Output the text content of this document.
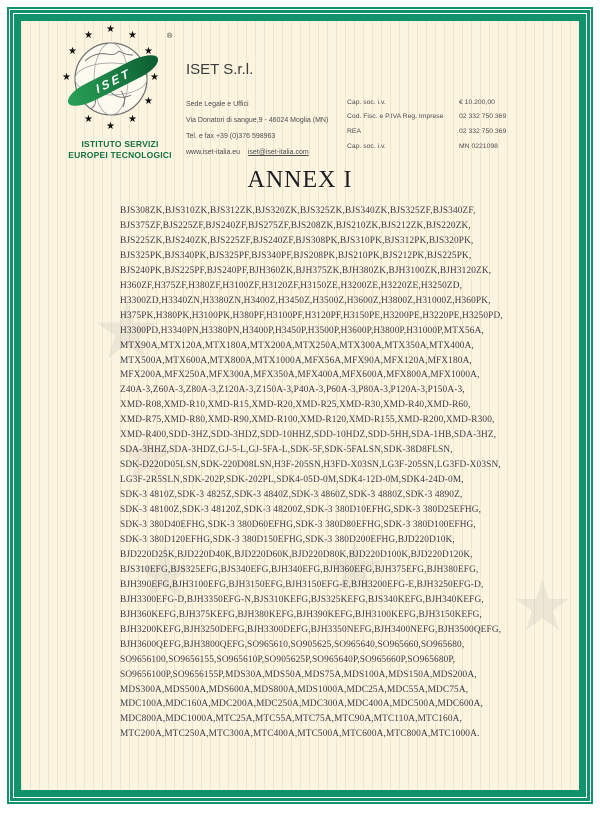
★
★
★ ★ ★
★
★
★
★
★
★
★
★
★
★
★	®
ISET
ISTITUTO SERVIZI
EUROPEI TECNOLOGICI
ISET S.r.l.
Sede Legale e Uffici
Via Donatori di sangue,9 - 46024 Moglia (MN)
Tel. e fax +39 (0)376 598963
www.iset-italia.eu iset@iset-italia.com
Cap. soc. i.v.	€ 10.200,00
Cod. Fisc. e P.IVA Reg. Imprese	02 332 750 369
REA	02 332 750 369
Cap. soc. i.v.	MN 0221098
ANNEX I
BJS308ZK,BJS310ZK,BJS312ZK,BJS320ZK,BJS325ZK,BJS340ZK,BJS325ZF,BJS340ZF,
BJS375ZF,BJS225ZF,BJS240ZF,BJS275ZF,BJS208ZK,BJS210ZK,BJS212ZK,BJS220ZK,
BJS225ZK,BJS240ZK,BJS225ZF,BJS240ZF,BJS308PK,BJS310PK,BJS312PK,BJS320PK,
BJS325PK,BJS340PK,BJS325PF,BJS340PF,BJS208PK,BJS210PK,BJS212PK,BJS225PK,
BJS240PK,BJS225PF,BJS240PF,BJH360ZK,BJH375ZK,BJH380ZK,BJH3100ZK,BJH3120ZK,
H360ZF,H375ZF,H380ZF,H3100ZF,H3120ZF,H3150ZE,H3200ZE,H3220ZE,H3250ZD,
H3300ZD,H3340ZN,H3380ZN,H3400Z,H3450Z,H3500Z,H3600Z,H3800Z,H31000Z,H360PK,
H375PK,H380PK,H3100PK,H380PF,H3100PF,H3120PF,H3150PE,H3200PE,H3220PE,H3250PD,
H3300PD,H3340PN,H3380PN,H3400P,H3450P,H3500P,H3600P,H3800P,H31000P,MTX56A,
MTX90A,MTX120A,MTX180A,MTX200A,MTX250A,MTX300A,MTX350A,MTX400A,
MTX500A,MTX600A,MTX800A,MTX1000A,MFX56A,MFX90A,MFX120A,MFX180A,
MFX200A,MFX250A,MFX300A,MFX350A,MFX400A,MFX600A,MFX800A,MFX1000A,
Z40A-3,Z60A-3,Z80A-3,Z120A-3,Z150A-3,P40A-3,P60A-3,P80A-3,P120A-3,P150A-3,
XMD-R08,XMD-R10,XMD-R15,XMD-R20,XMD-R25,XMD-R30,XMD-R40,XMD-R60,
XMD-R75,XMD-R80,XMD-R90,XMD-R100,XMD-R120,XMD-R155,XMD-R200,XMD-R300,
XMD-R400,SDD-3HZ,SDD-3HDZ,SDD-10HHZ,SDD-10HDZ,SDD-5HH,SDA-1HB,SDA-3HZ,
SDA-3HHZ,SDA-3HDZ,GJ-5-L,GJ-5FA-L,SDK-5F,SDK-5FALSN,SDK-38D8FLSN,
SDK-D220D05LSN,SDK-220D08LSN,H3F-205SN,H3FD-X03SN,LG3F-205SN,LG3FD-X03SN,
LG3F-2R5SLN,SDK-202P,SDK-202PL,SDK4-05D-0M,SDK4-12D-0M,SDK4-24D-0M,
SDK-3 4810Z,SDK-3 4825Z,SDK-3 4840Z,SDK-3 4860Z,SDK-3 4880Z,SDK-3 4890Z,
SDK-3 48100Z,SDK-3 48120Z,SDK-3 48200Z,SDK-3 380D10EFHG,SDK-3 380D25EFHG,
SDK-3 380D40EFHG,SDK-3 380D60EFHG,SDK-3 380D80EFHG,SDK-3 380D100EFHG,
SDK-3 380D120EFHG,SDK-3 380D150EFHG,SDK-3 380D200EFHG,BJD220D10K,
BJD220D25K,BJD220D40K,BJD220D60K,BJD220D80K,BJD220D100K,BJD220D120K,
BJS310EFG,BJS325EFG,BJS340EFG,BJH340EFG,BJH360EFG,BJH375EFG,BJH380EFG,
BJH390EFG,BJH3100EFG,BJH3150EFG,BJH3150EFG-E,BJH3200EFG-E,BJH3250EFG-D,
BJH3300EFG-D,BJH3350EFG-N,BJS310KEFG,BJS325KEFG,BJS340KEFG,BJH340KEFG,
BJH360KEFG,BJH375KEFG,BJH380KEFG,BJH390KEFG,BJH3100KEFG,BJH3150KEFG,
BJH3200KEFG,BJH3250DEFG,BJH3300DEFG,BJH3350NEFG,BJH3400NEFG,BJH3500QEFG,
BJH3600QEFG,BJH3800QEFG,SO965610,SO905625,SO965640,SO965660,SO965680,
SO9656100,SO9656155,SO965610P,SO905625P,SO965640P,SO965660P,SO965680P,
SO9656100P,SO9656155P,MDS30A,MDS50A,MDS75A,MDS100A,MDS150A,MDS200A,
MDS300A,MDS500A,MDS600A,MDS800A,MDS1000A,MDC25A,MDC55A,MDC75A,
MDC100A,MDC160A,MDC200A,MDC250A,MDC300A,MDC400A,MDC500A,MDC600A,
MDC800A,MDC1000A,MTC25A,MTC55A,MTC75A,MTC90A,MTC110A,MTC160A,
MTC200A,MTC250A,MTC300A,MTC400A,MTC500A,MTC600A,MTC800A,MTC1000A.
